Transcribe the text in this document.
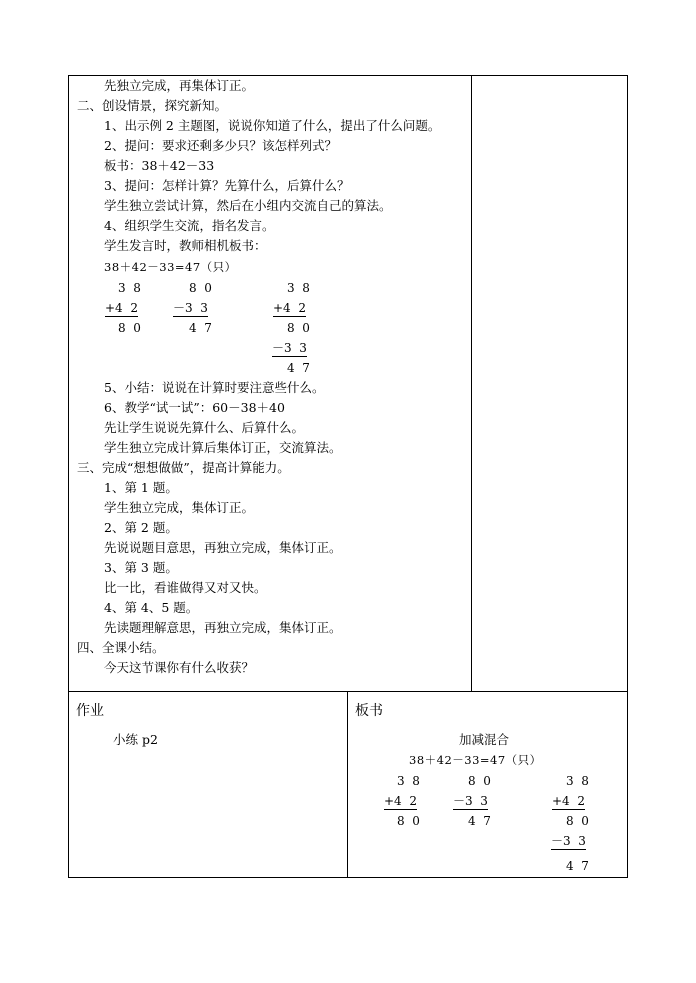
先独立完成，再集体订正。
二、创设情景，探究新知。
1、出示例 2 主题图，说说你知道了什么，提出了什么问题。
2、提问：要求还剩多少只？该怎样列式？
板书：38＋42－33
3、提问：怎样计算？先算什么，后算什么？
学生独立尝试计算，然后在小组内交流自己的算法。
4、组织学生交流，指名发言。
学生发言时，教师相机板书：
38＋42－33=47（只）
3  8
+4  2
8  0
8  0
－3  3
4  7
3  8
+4  2
8  0
－3  3
4  7
5、小结：说说在计算时要注意些什么。
6、教学“试一试”：60－38＋40
先让学生说说先算什么、后算什么。
学生独立完成计算后集体订正，交流算法。
三、完成“想想做做”，提高计算能力。
1、第 1 题。
学生独立完成，集体订正。
2、第 2 题。
先说说题目意思，再独立完成，集体订正。
3、第 3 题。
比一比，看谁做得又对又快。
4、第 4、5 题。
先读题理解意思，再独立完成，集体订正。
四、全课小结。
今天这节课你有什么收获？
作业
小练 p2
板书
加减混合
38＋42－33=47（只）
3  8
+4  2
8  0
8  0
－3  3
4  7
3  8
+4  2
8  0
－3  3
4  7
